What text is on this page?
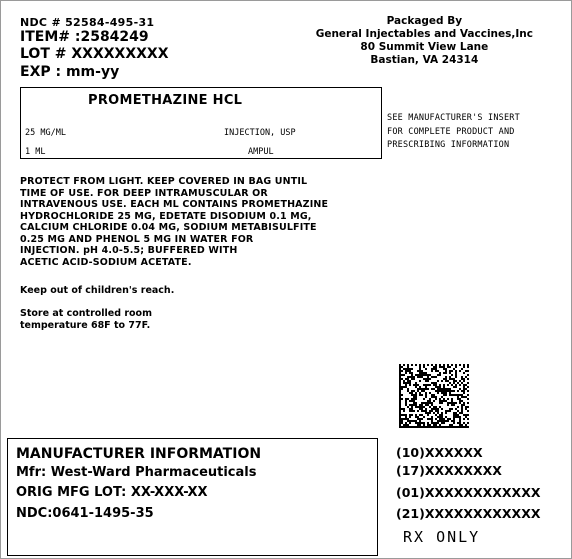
NDC # 52584-495-31
ITEM# :2584249
LOT # XXXXXXXXX
EXP : mm-yy
Packaged By
General Injectables and Vaccines,Inc
80 Summit View Lane
Bastian, VA 24314
PROMETHAZINE HCL
25 MG/ML	INJECTION, USP
1 ML	AMPUL
SEE MANUFACTURER'S INSERT
FOR COMPLETE PRODUCT AND
PRESCRIBING INFORMATION
PROTECT FROM LIGHT. KEEP COVERED IN BAG UNTIL
TIME OF USE. FOR DEEP INTRAMUSCULAR OR
INTRAVENOUS USE. EACH ML CONTAINS PROMETHAZINE
HYDROCHLORIDE 25 MG, EDETATE DISODIUM 0.1 MG,
CALCIUM CHLORIDE 0.04 MG, SODIUM METABISULFITE
0.25 MG AND PHENOL 5 MG IN WATER FOR
INJECTION. pH 4.0-5.5; BUFFERED WITH
ACETIC ACID-SODIUM ACETATE.
Keep out of children's reach.
Store at controlled room
temperature 68F to 77F.
MANUFACTURER INFORMATION
Mfr: West-Ward Pharmaceuticals
ORIG MFG LOT: XX-XXX-XX
NDC:0641-1495-35
(10)XXXXXX
(17)XXXXXXXX
(01)XXXXXXXXXXXX
(21)XXXXXXXXXXXX
RX ONLY
